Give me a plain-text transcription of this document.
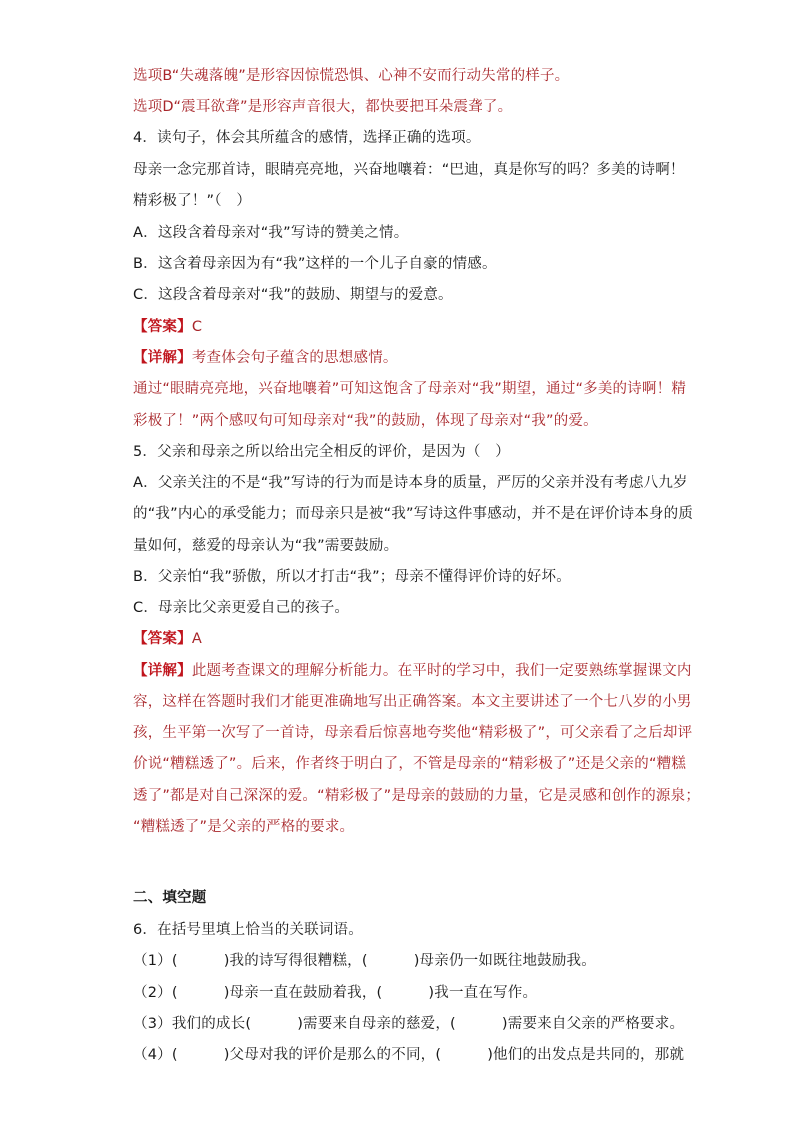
选项B“失魂落魄”是形容因惊慌恐惧、心神不安而行动失常的样子。
选项D“震耳欲聋”是形容声音很大，都快要把耳朵震聋了。
4．读句子，体会其所蕴含的感情，选择正确的选项。
母亲一念完那首诗，眼睛亮亮地，兴奋地嚷着：“巴迪，真是你写的吗？多美的诗啊！
精彩极了！”（　）
A．这段含着母亲对“我”写诗的赞美之情。
B．这含着母亲因为有“我”这样的一个儿子自豪的情感。
C．这段含着母亲对“我”的鼓励、期望与的爱意。
【答案】C
【详解】考查体会句子蕴含的思想感情。
通过“眼睛亮亮地，兴奋地嚷着”可知这饱含了母亲对“我”期望，通过“多美的诗啊！精
彩极了！”两个感叹句可知母亲对“我”的鼓励，体现了母亲对“我”的爱。
5．父亲和母亲之所以给出完全相反的评价，是因为（　）
A．父亲关注的不是“我”写诗的行为而是诗本身的质量，严厉的父亲并没有考虑八九岁
的“我”内心的承受能力；而母亲只是被“我”写诗这件事感动，并不是在评价诗本身的质
量如何，慈爱的母亲认为“我”需要鼓励。
B．父亲怕“我”骄傲，所以才打击“我”；母亲不懂得评价诗的好坏。
C．母亲比父亲更爱自己的孩子。
【答案】A
【详解】此题考查课文的理解分析能力。在平时的学习中，我们一定要熟练掌握课文内
容，这样在答题时我们才能更准确地写出正确答案。本文主要讲述了一个七八岁的小男
孩，生平第一次写了一首诗，母亲看后惊喜地夸奖他“精彩极了”，可父亲看了之后却评
价说“糟糕透了”。后来，作者终于明白了，不管是母亲的“精彩极了”还是父亲的“糟糕
透了”都是对自己深深的爱。“精彩极了”是母亲的鼓励的力量，它是灵感和创作的源泉；
“糟糕透了”是父亲的严格的要求。
二、填空题
6．在括号里填上恰当的关联词语。
（1）(	)我的诗写得很糟糕，(	)母亲仍一如既往地鼓励我。
（2）(	)母亲一直在鼓励着我，(	)我一直在写作。
（3）我们的成长(	)需要来自母亲的慈爱，(	)需要来自父亲的严格要求。
（4）(	)父母对我的评价是那么的不同，(	)他们的出发点是共同的，那就
